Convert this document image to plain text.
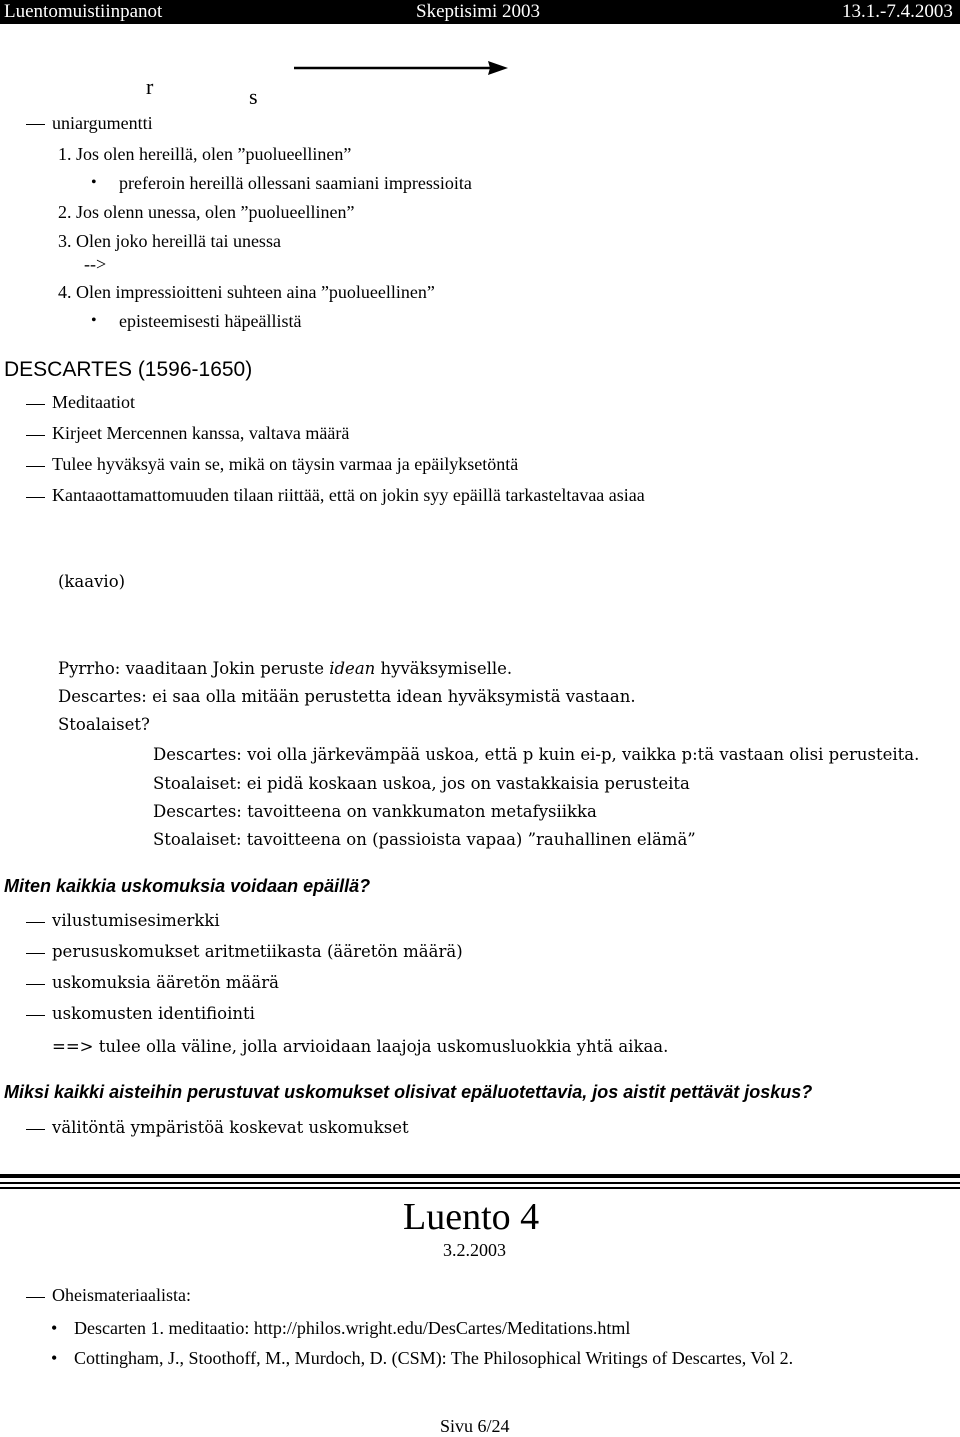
Luentomuistiinpanot	Skeptisimi 2003	13.1.-7.4.2003
r	s
uniargumentti
1. Jos olen hereillä, olen ”puolueellinen”
• preferoin hereillä ollessani saamiani impressioita
2. Jos olenn unessa, olen ”puolueellinen”
3. Olen joko hereillä tai unessa
-->
4. Olen impressioitteni suhteen aina ”puolueellinen”
• episteemisesti häpeällistä
DESCARTES (1596-1650)
Meditaatiot
Kirjeet Mercennen kanssa, valtava määrä
Tulee hyväksyä vain se, mikä on täysin varmaa ja epäilyksetöntä
Kantaaottamattomuuden tilaan riittää, että on jokin syy epäillä tarkasteltavaa asiaa
(kaavio)
Pyrrho: vaaditaan Jokin peruste idean hyväksymiselle.
Descartes: ei saa olla mitään perustetta idean hyväksymistä vastaan.
Stoalaiset?
Descartes: voi olla järkevämpää uskoa, että p kuin ei-p, vaikka p:tä vastaan olisi perusteita.
Stoalaiset: ei pidä koskaan uskoa, jos on vastakkaisia perusteita
Descartes: tavoitteena on vankkumaton metafysiikka
Stoalaiset: tavoitteena on (passioista vapaa) ”rauhallinen elämä”
Miten kaikkia uskomuksia voidaan epäillä?
vilustumisesimerkki
perususkomukset aritmetiikasta (ääretön määrä)
uskomuksia ääretön määrä
uskomusten identifiointi
==> tulee olla väline, jolla arvioidaan laajoja uskomusluokkia yhtä aikaa.
Miksi kaikki aisteihin perustuvat uskomukset olisivat epäluotettavia, jos aistit pettävät joskus?
välitöntä ympäristöä koskevat uskomukset
Luento 4
3.2.2003
Oheismateriaalista:
• Descarten 1. meditaatio: http://philos.wright.edu/DesCartes/Meditations.html
• Cottingham, J., Stoothoff, M., Murdoch, D. (CSM): The Philosophical Writings of Descartes, Vol 2.
Sivu 6/24
